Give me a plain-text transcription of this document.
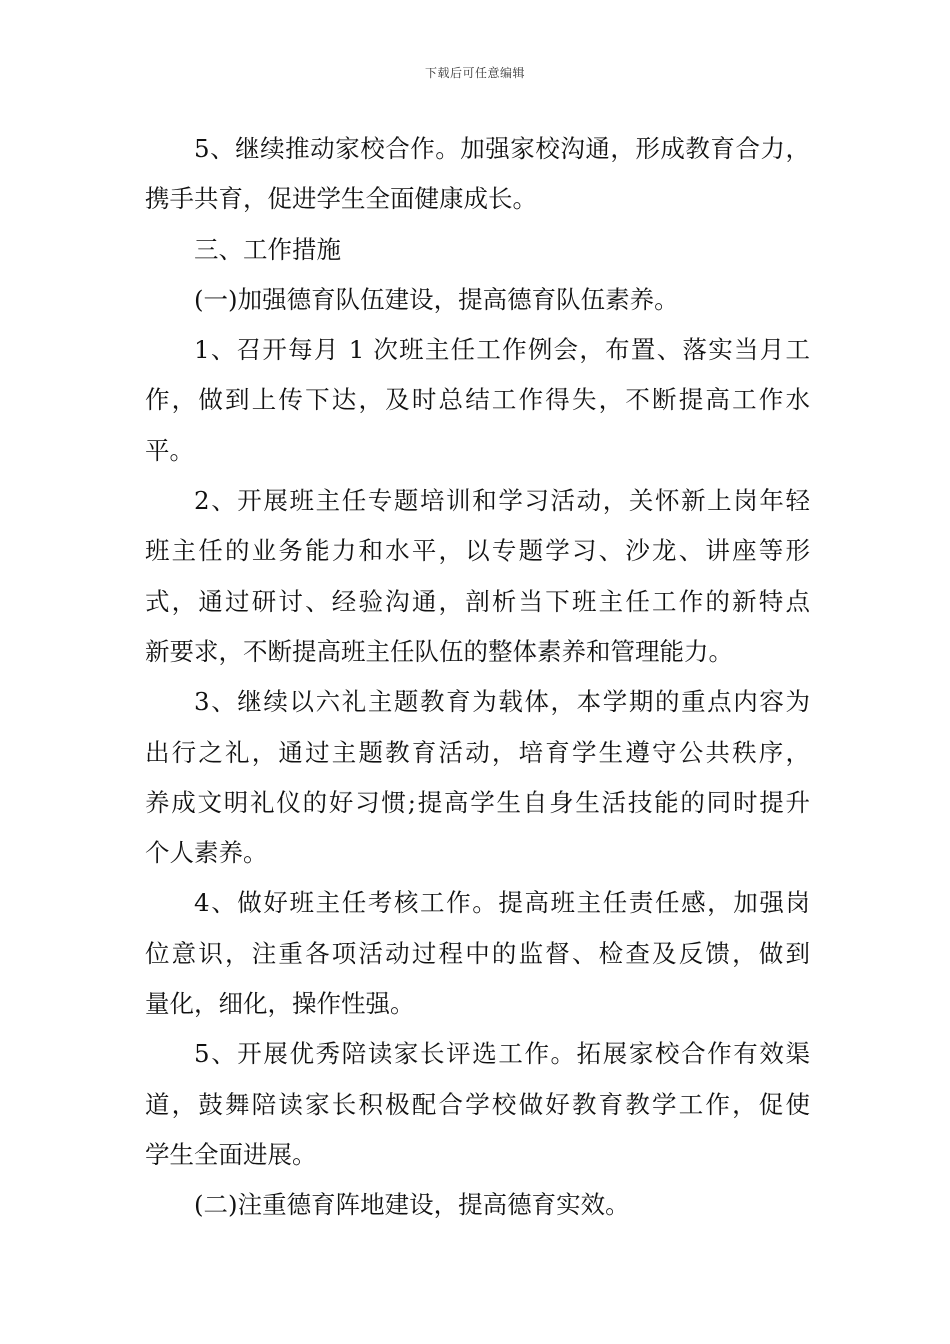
下载后可任意编辑

5、继续推动家校合作。加强家校沟通，形成教育合力，
携手共育，促进学生全面健康成长。

三、工作措施

(一)加强德育队伍建设，提高德育队伍素养。

1、召开每月 1 次班主任工作例会，布置、落实当月工
作，做到上传下达，及时总结工作得失，不断提高工作水
平。

2、开展班主任专题培训和学习活动，关怀新上岗年轻
班主任的业务能力和水平，以专题学习、沙龙、讲座等形
式，通过研讨、经验沟通，剖析当下班主任工作的新特点
新要求，不断提高班主任队伍的整体素养和管理能力。

3、继续以六礼主题教育为载体，本学期的重点内容为
出行之礼，通过主题教育活动，培育学生遵守公共秩序，
养成文明礼仪的好习惯;提高学生自身生活技能的同时提升
个人素养。

4、做好班主任考核工作。提高班主任责任感，加强岗
位意识，注重各项活动过程中的监督、检查及反馈，做到
量化，细化，操作性强。

5、开展优秀陪读家长评选工作。拓展家校合作有效渠
道，鼓舞陪读家长积极配合学校做好教育教学工作，促使
学生全面进展。

(二)注重德育阵地建设，提高德育实效。
